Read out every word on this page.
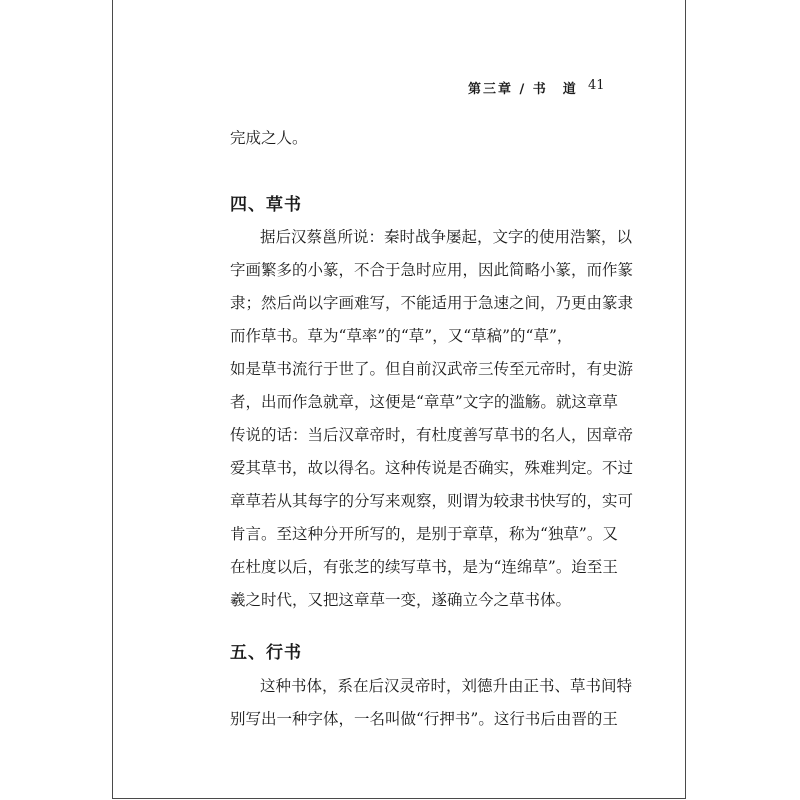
第三章 / 书　道 41
完成之人。
四、草书
据后汉蔡邕所说：秦时战争屡起，文字的使用浩繁，以
字画繁多的小篆，不合于急时应用，因此简略小篆，而作篆
隶；然后尚以字画难写，不能适用于急速之间，乃更由篆隶
而作草书。草为“草率”的“草”，又“草稿”的“草”，
如是草书流行于世了。但自前汉武帝三传至元帝时，有史游
者，出而作急就章，这便是“章草”文字的滥觞。就这章草
传说的话：当后汉章帝时，有杜度善写草书的名人，因章帝
爱其草书，故以得名。这种传说是否确实，殊难判定。不过
章草若从其每字的分写来观察，则谓为较隶书快写的，实可
肯言。至这种分开所写的，是别于章草，称为“独草”。又
在杜度以后，有张芝的续写草书，是为“连绵草”。迨至王
羲之时代，又把这章草一变，遂确立今之草书体。
五、行书
这种书体，系在后汉灵帝时，刘德升由正书、草书间特
别写出一种字体，一名叫做“行押书”。这行书后由晋的王
